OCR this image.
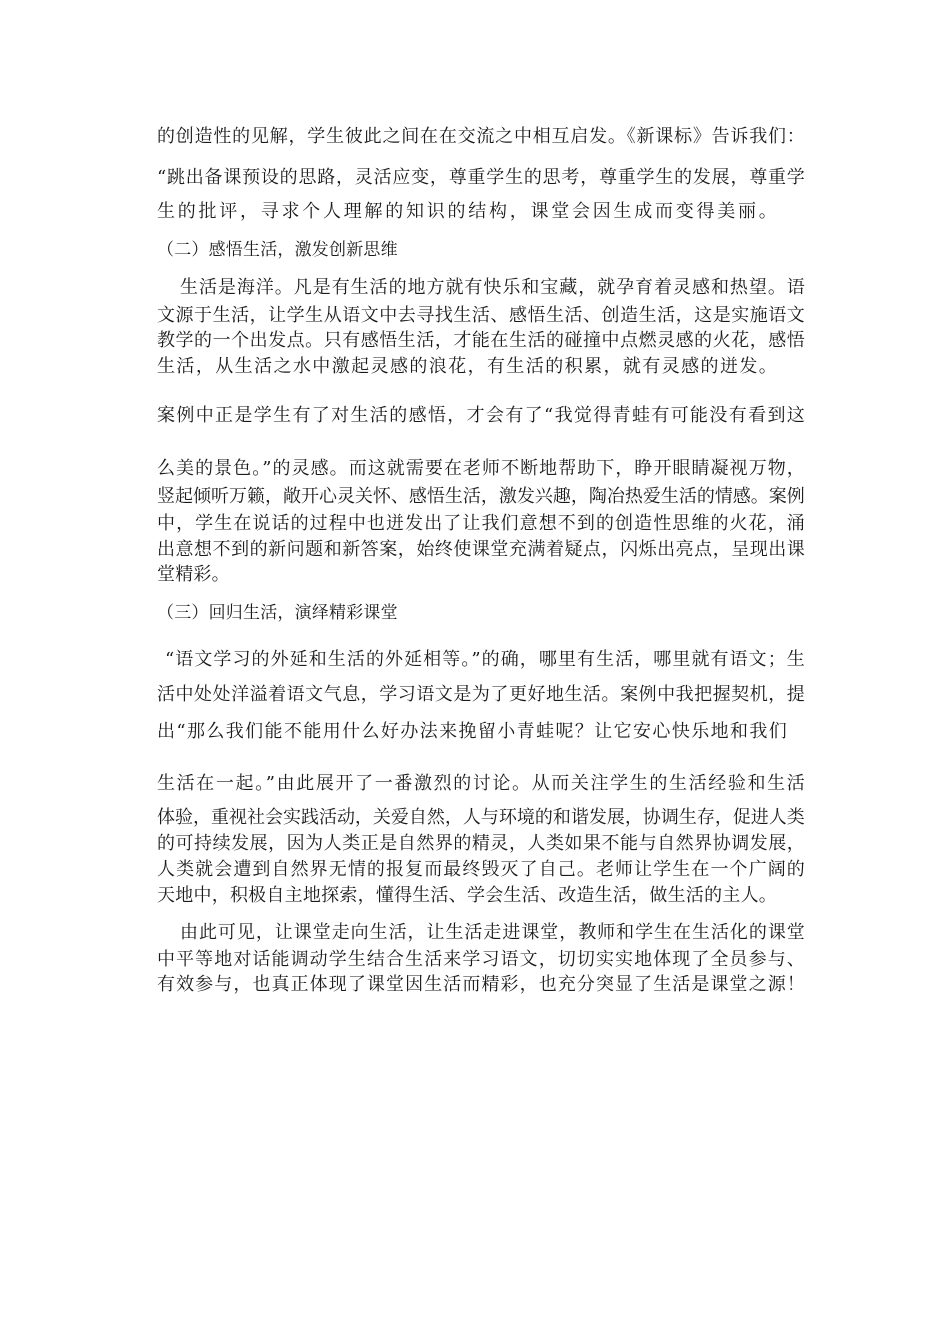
的创造性的见解，学生彼此之间在在交流之中相互启发。《新课标》告诉我们：
“跳出备课预设的思路，灵活应变，尊重学生的思考，尊重学生的发展，尊重学
生的批评，寻求个人理解的知识的结构，课堂会因生成而变得美丽。
（二）感悟生活，激发创新思维
生活是海洋。凡是有生活的地方就有快乐和宝藏，就孕育着灵感和热望。语
文源于生活，让学生从语文中去寻找生活、感悟生活、创造生活，这是实施语文
教学的一个出发点。只有感悟生活，才能在生活的碰撞中点燃灵感的火花，感悟
生活，从生活之水中激起灵感的浪花，有生活的积累，就有灵感的迸发。
案例中正是学生有了对生活的感悟，才会有了“我觉得青蛙有可能没有看到这
么美的景色。”的灵感。而这就需要在老师不断地帮助下，睁开眼睛凝视万物，
竖起倾听万籁，敞开心灵关怀、感悟生活，激发兴趣，陶冶热爱生活的情感。案例
中，学生在说话的过程中也迸发出了让我们意想不到的创造性思维的火花，涌
出意想不到的新问题和新答案，始终使课堂充满着疑点，闪烁出亮点，呈现出课
堂精彩。
（三）回归生活，演绎精彩课堂
“语文学习的外延和生活的外延相等。”的确，哪里有生活，哪里就有语文；生
活中处处洋溢着语文气息，学习语文是为了更好地生活。案例中我把握契机，提
出“那么我们能不能用什么好办法来挽留小青蛙呢？让它安心快乐地和我们
生活在一起。”由此展开了一番激烈的讨论。从而关注学生的生活经验和生活
体验，重视社会实践活动，关爱自然，人与环境的和谐发展，协调生存，促进人类
的可持续发展，因为人类正是自然界的精灵，人类如果不能与自然界协调发展，
人类就会遭到自然界无情的报复而最终毁灭了自己。老师让学生在一个广阔的
天地中，积极自主地探索，懂得生活、学会生活、改造生活，做生活的主人。
由此可见，让课堂走向生活，让生活走进课堂，教师和学生在生活化的课堂
中平等地对话能调动学生结合生活来学习语文，切切实实地体现了全员参与、
有效参与，也真正体现了课堂因生活而精彩，也充分突显了生活是课堂之源！
